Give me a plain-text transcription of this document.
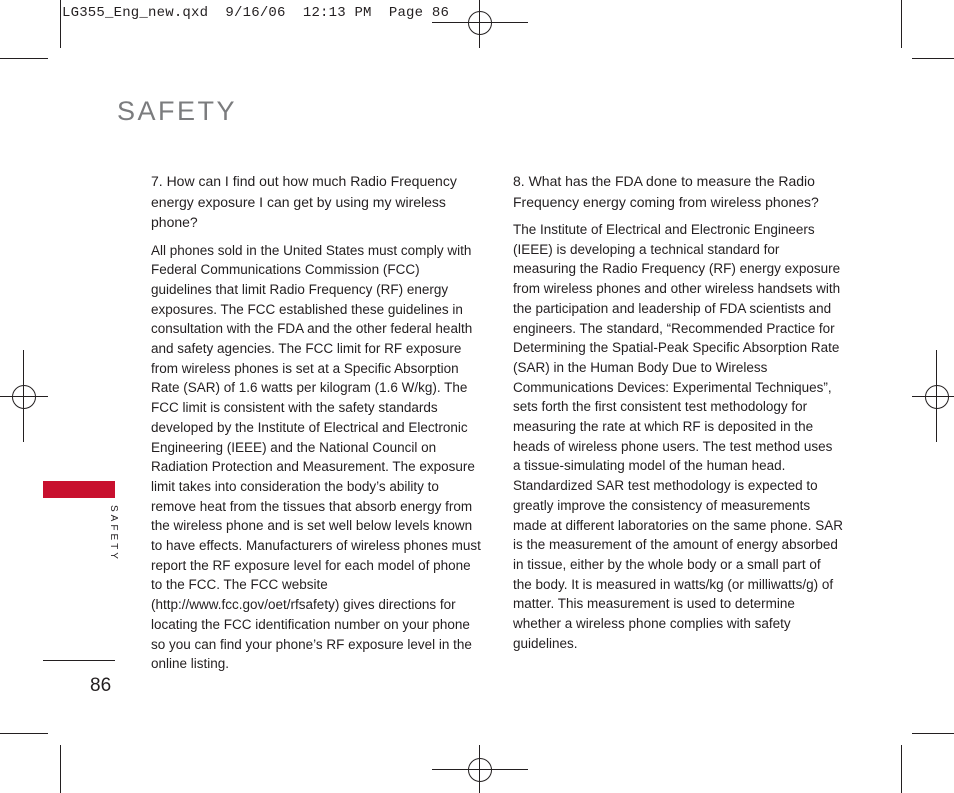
LG355_Eng_new.qxd  9/16/06  12:13 PM  Page 86
SAFETY
SAFETY
86

7. How can I find out how much Radio Frequency energy exposure I can get by using my wireless phone?

All phones sold in the United States must comply with Federal Communications Commission (FCC) guidelines that limit Radio Frequency (RF) energy exposures. The FCC established these guidelines in consultation with the FDA and the other federal health and safety agencies. The FCC limit for RF exposure from wireless phones is set at a Specific Absorption Rate (SAR) of 1.6 watts per kilogram (1.6 W/kg). The FCC limit is consistent with the safety standards developed by the Institute of Electrical and Electronic Engineering (IEEE) and the National Council on Radiation Protection and Measurement. The exposure limit takes into consideration the body’s ability to remove heat from the tissues that absorb energy from the wireless phone and is set well below levels known to have effects. Manufacturers of wireless phones must report the RF exposure level for each model of phone to the FCC. The FCC website (http://www.fcc.gov/oet/rfsafety) gives directions for locating the FCC identification number on your phone so you can find your phone’s RF exposure level in the online listing.

8. What has the FDA done to measure the Radio Frequency energy coming from wireless phones?

The Institute of Electrical and Electronic Engineers (IEEE) is developing a technical standard for measuring the Radio Frequency (RF) energy exposure from wireless phones and other wireless handsets with the participation and leadership of FDA scientists and engineers. The standard, “Recommended Practice for Determining the Spatial-Peak Specific Absorption Rate (SAR) in the Human Body Due to Wireless Communications Devices: Experimental Techniques”, sets forth the first consistent test methodology for measuring the rate at which RF is deposited in the heads of wireless phone users. The test method uses a tissue-simulating model of the human head. Standardized SAR test methodology is expected to greatly improve the consistency of measurements made at different laboratories on the same phone. SAR is the measurement of the amount of energy absorbed in tissue, either by the whole body or a small part of the body. It is measured in watts/kg (or milliwatts/g) of matter. This measurement is used to determine whether a wireless phone complies with safety guidelines.
